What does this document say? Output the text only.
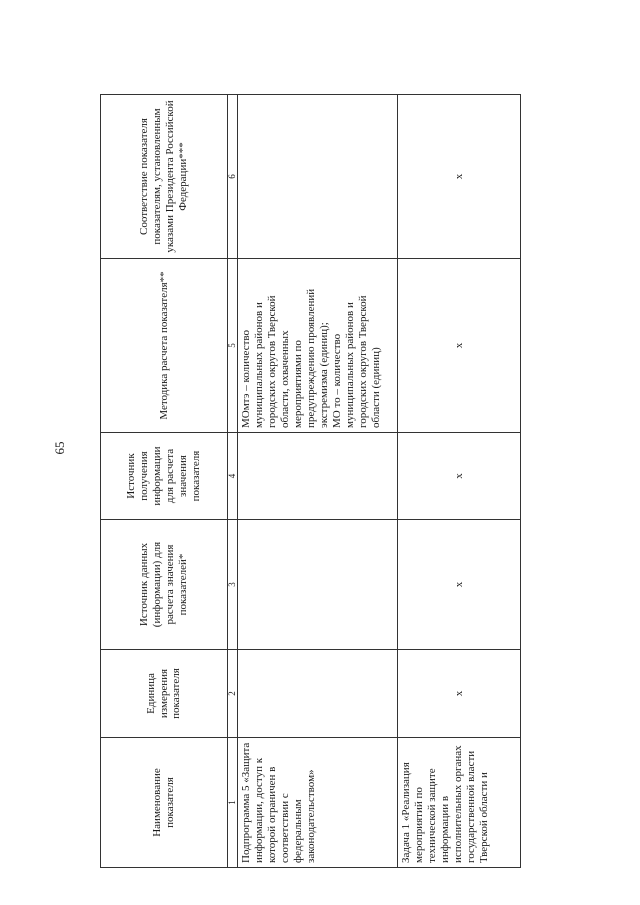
65
Наименование показателя	Единица измерения показателя	Источник данных (информации) для расчета значения показателей*	Источник получения информации для расчета значения показателя	Методика расчета показателя**	Соответствие показателя показателям, установленным указами Президента Российской Федерации***
1	2	3	4	5	6
Подпрограмма 5 «Защита информации, доступ к которой ограничен в соответствии с федеральным законодательством»				МОмтэ – количество муниципальных районов и городских округов Тверской области, охваченных мероприятиями по предупреждению проявлений экстремизма (единиц); МО то – количество муниципальных районов и городских округов Тверской области (единиц)	

Задача 1 «Реализация мероприятий по технической защите информации в исполнительных органах государственной власти Тверской области и	х	х	х	х	х
